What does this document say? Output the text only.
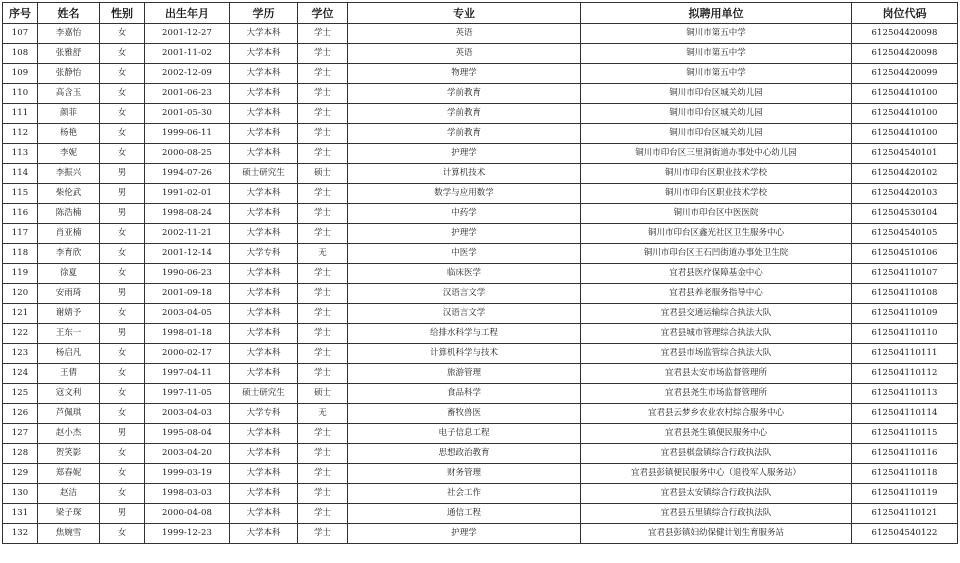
序号	姓名	性别	出生年月	学历	学位	专业	拟聘用单位	岗位代码
107	李嘉怡	女	2001-12-27	大学本科	学士	英语	铜川市第五中学	612504420098
108	张雅舒	女	2001-11-02	大学本科	学士	英语	铜川市第五中学	612504420098
109	张静怡	女	2002-12-09	大学本科	学士	物理学	铜川市第五中学	612504420099
110	高含玉	女	2001-06-23	大学本科	学士	学前教育	铜川市印台区城关幼儿园	612504410100
111	颜菲	女	2001-05-30	大学本科	学士	学前教育	铜川市印台区城关幼儿园	612504410100
112	杨艳	女	1999-06-11	大学本科	学士	学前教育	铜川市印台区城关幼儿园	612504410100
113	李妮	女	2000-08-25	大学本科	学士	护理学	铜川市印台区三里洞街道办事处中心幼儿园	612504540101
114	李振兴	男	1994-07-26	硕士研究生	硕士	计算机技术	铜川市印台区职业技术学校	612504420102
115	柴伦武	男	1991-02-01	大学本科	学士	数学与应用数学	铜川市印台区职业技术学校	612504420103
116	陈浩楠	男	1998-08-24	大学本科	学士	中药学	铜川市印台区中医医院	612504530104
117	肖亚楠	女	2002-11-21	大学本科	学士	护理学	铜川市印台区鑫光社区卫生服务中心	612504540105
118	李育欣	女	2001-12-14	大学专科	无	中医学	铜川市印台区王石凹街道办事处卫生院	612504510106
119	徐夏	女	1990-06-23	大学本科	学士	临床医学	宜君县医疗保障基金中心	612504110107
120	安雨琦	男	2001-09-18	大学本科	学士	汉语言文学	宜君县养老服务指导中心	612504110108
121	谢婧予	女	2003-04-05	大学本科	学士	汉语言文学	宜君县交通运输综合执法大队	612504110109
122	王东一	男	1998-01-18	大学本科	学士	给排水科学与工程	宜君县城市管理综合执法大队	612504110110
123	杨启凡	女	2000-02-17	大学本科	学士	计算机科学与技术	宜君县市场监管综合执法大队	612504110111
124	王倩	女	1997-04-11	大学本科	学士	旅游管理	宜君县太安市场监督管理所	612504110112
125	寇文利	女	1997-11-05	硕士研究生	硕士	食品科学	宜君县尧生市场监督管理所	612504110113
126	芦佩琪	女	2003-04-03	大学专科	无	畜牧兽医	宜君县云梦乡农业农村综合服务中心	612504110114
127	赵小杰	男	1995-08-04	大学本科	学士	电子信息工程	宜君县尧生镇便民服务中心	612504110115
128	贺笑影	女	2003-04-20	大学本科	学士	思想政治教育	宜君县棋盘镇综合行政执法队	612504110116
129	郑春妮	女	1999-03-19	大学本科	学士	财务管理	宜君县彭镇便民服务中心（退役军人服务站）	612504110118
130	赵洁	女	1998-03-03	大学本科	学士	社会工作	宜君县太安镇综合行政执法队	612504110119
131	梁子琛	男	2000-04-08	大学本科	学士	通信工程	宜君县五里镇综合行政执法队	612504110121
132	焦婉雪	女	1999-12-23	大学本科	学士	护理学	宜君县彭镇妇幼保健计划生育服务站	612504540122
